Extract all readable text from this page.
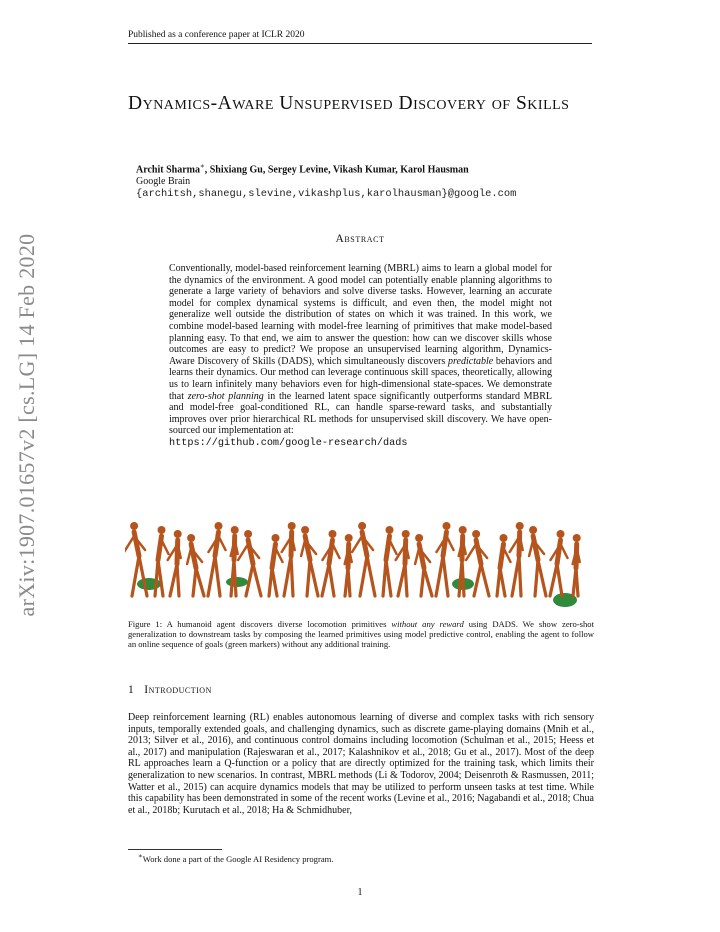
Published as a conference paper at ICLR 2020
arXiv:1907.01657v2 [cs.LG] 14 Feb 2020
Dynamics-Aware Unsupervised Discovery of Skills
Archit Sharma∗, Shixiang Gu, Sergey Levine, Vikash Kumar, Karol Hausman
Google Brain
{architsh,shanegu,slevine,vikashplus,karolhausman}@google.com
Abstract
Conventionally, model-based reinforcement learning (MBRL) aims to learn a global model for the dynamics of the environment. A good model can potentially enable planning algorithms to generate a large variety of behaviors and solve diverse tasks. However, learning an accurate model for complex dynamical systems is difficult, and even then, the model might not generalize well outside the distribution of states on which it was trained. In this work, we combine model-based learning with model-free learning of primitives that make model-based planning easy. To that end, we aim to answer the question: how can we discover skills whose outcomes are easy to predict? We propose an unsupervised learning algorithm, Dynamics-Aware Discovery of Skills (DADS), which simultaneously discovers predictable behaviors and learns their dynamics. Our method can leverage continuous skill spaces, theoretically, allowing us to learn infinitely many behaviors even for high-dimensional state-spaces. We demonstrate that zero-shot planning in the learned latent space significantly outperforms standard MBRL and model-free goal-conditioned RL, can handle sparse-reward tasks, and substantially improves over prior hierarchical RL methods for unsupervised skill discovery. We have open-sourced our implementation at:
https://github.com/google-research/dads
Figure 1: A humanoid agent discovers diverse locomotion primitives without any reward using DADS. We show zero-shot generalization to downstream tasks by composing the learned primitives using model predictive control, enabling the agent to follow an online sequence of goals (green markers) without any additional training.
1 Introduction
Deep reinforcement learning (RL) enables autonomous learning of diverse and complex tasks with rich sensory inputs, temporally extended goals, and challenging dynamics, such as discrete game-playing domains (Mnih et al., 2013; Silver et al., 2016), and continuous control domains including locomotion (Schulman et al., 2015; Heess et al., 2017) and manipulation (Rajeswaran et al., 2017; Kalashnikov et al., 2018; Gu et al., 2017). Most of the deep RL approaches learn a Q-function or a policy that are directly optimized for the training task, which limits their generalization to new scenarios. In contrast, MBRL methods (Li & Todorov, 2004; Deisenroth & Rasmussen, 2011; Watter et al., 2015) can acquire dynamics models that may be utilized to perform unseen tasks at test time. While this capability has been demonstrated in some of the recent works (Levine et al., 2016; Nagabandi et al., 2018; Chua et al., 2018b; Kurutach et al., 2018; Ha & Schmidhuber,
∗Work done a part of the Google AI Residency program.
1
